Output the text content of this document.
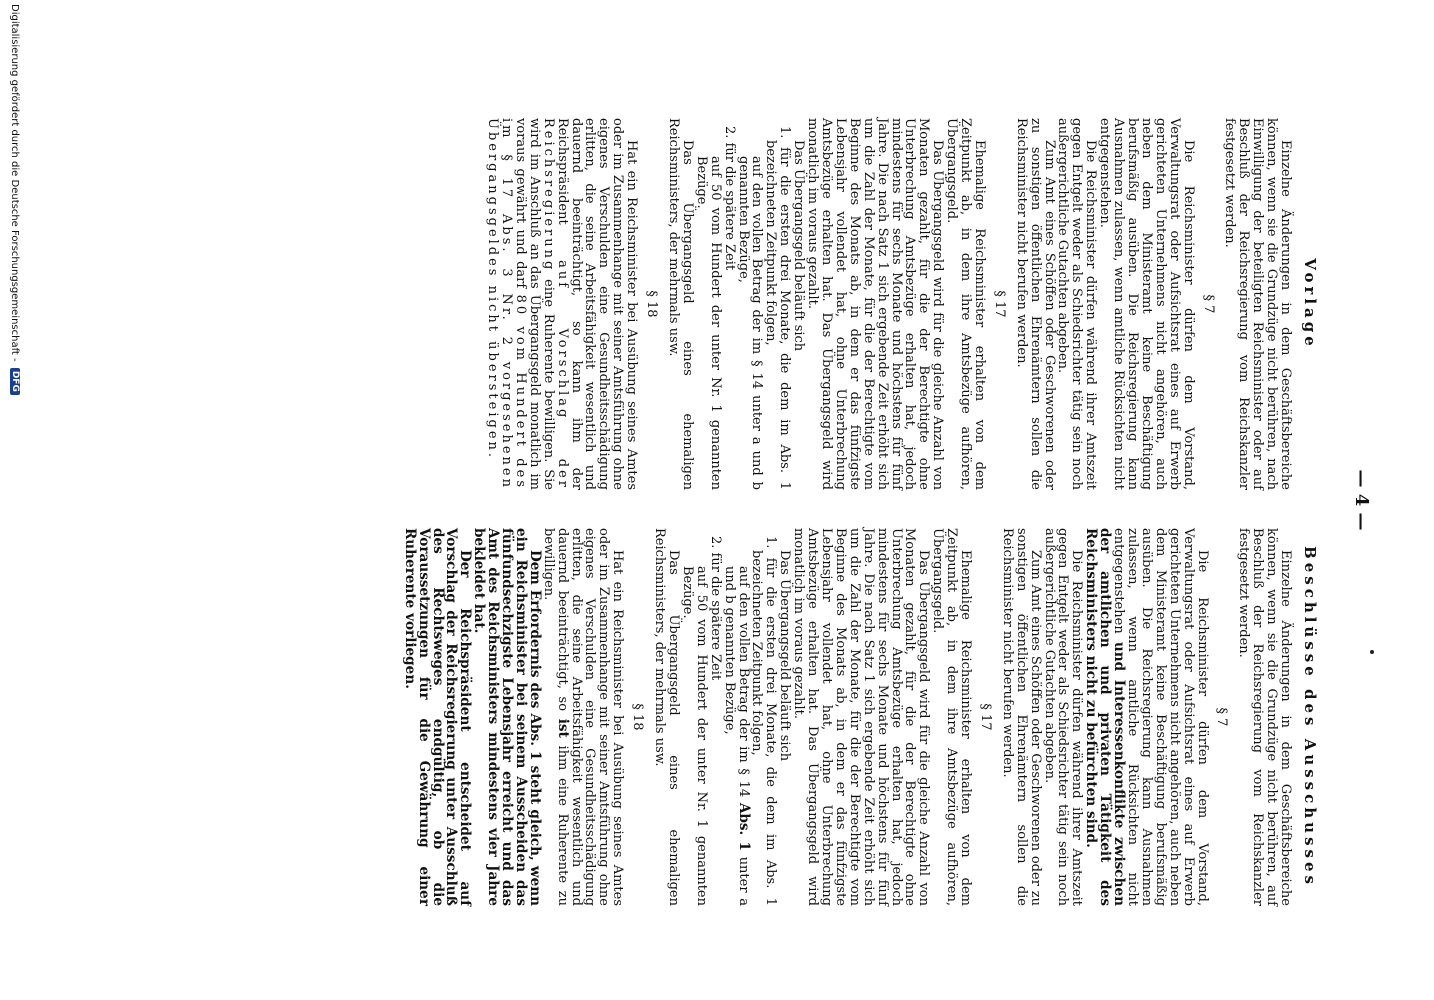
— 4 —
Vorlage

Einzelne Änderungen in dem Geschäftsbereiche können, wenn sie die Grundzüge nicht berühren, nach Einwilligung der beteiligten Reichsminister oder auf Beschluß der Reichsregierung vom Reichskanzler festgesetzt werden.

§ 7

Die Reichsminister dürfen dem Vorstand, Verwaltungsrat oder Aufsichtsrat eines auf Erwerb gerichteten Unternehmens nicht angehören, auch neben dem Ministeramt keine Beschäftigung berufsmäßig ausüben. Die Reichsregierung kann Ausnahmen zulassen, wenn amtliche Rücksichten nicht entgegenstehen.

Die Reichsminister dürfen während ihrer Amtszeit gegen Entgelt weder als Schiedsrichter tätig sein noch außergerichtliche Gutachten abgeben.

Zum Amt eines Schöffen oder Geschworenen oder zu sonstigen öffentlichen Ehrenämtern sollen die Reichsminister nicht berufen werden.

§ 17

Ehemalige Reichsminister erhalten von dem Zeitpunkt ab, in dem ihre Amtsbezüge aufhören, Übergangsgeld.

Das Übergangsgeld wird für die gleiche Anzahl von Monaten gezahlt, für die der Berechtigte ohne Unterbrechung Amtsbezüge erhalten hat, jedoch mindestens für sechs Monate und höchstens für fünf Jahre. Die nach Satz 1 sich ergebende Zeit erhöht sich um die Zahl der Monate, für die der Berechtigte vom Beginne des Monats ab, in dem er das fünfzigste Lebensjahr vollendet hat, ohne Unterbrechung Amtsbezüge erhalten hat. Das Übergangsgeld wird monatlich im voraus gezahlt.

Das Übergangsgeld beläuft sich

1. für die ersten drei Monate, die dem im Abs. 1 bezeichneten Zeitpunkt folgen,
auf den vollen Betrag der im § 14 unter a und b genannten Bezüge,
2. für die spätere Zeit
auf 50 vom Hundert der unter Nr. 1 genannten Bezüge.

Das Übergangsgeld eines ehemaligen Reichsministers, der mehrmals usw.

§ 18

Hat ein Reichsminister bei Ausübung seines Amtes oder im Zusammenhange mit seiner Amtsführung ohne eigenes Verschulden eine Gesundheitsschädigung erlitten, die seine Arbeitsfähigkeit wesentlich und dauernd beeinträchtigt, so kann ihm der Reichspräsident auf Vorschlag der Reichsregierung eine Ruherente bewilligen. Sie wird im Anschluß an das Übergangsgeld monatlich im voraus gewährt und darf 80 vom Hundert des im § 17 Abs. 3 Nr. 2 vorgesehenen Übergangsgeldes nicht übersteigen.

Beschlüsse des Ausschusses

Einzelne Änderungen in dem Geschäftsbereiche können, wenn sie die Grundzüge nicht berühren, auf Beschluß der Reichsregierung vom Reichskanzler festgesetzt werden.

§ 7

Die Reichsminister dürfen dem Vorstand, Verwaltungsrat oder Aufsichtsrat eines auf Erwerb gerichteten Unternehmens nicht angehören, auch neben dem Ministeramt keine Beschäftigung berufsmäßig ausüben. Die Reichsregierung kann Ausnahmen zulassen, wenn amtliche Rücksichten nicht entgegenstehen und Interessenkonflikte zwischen der amtlichen und privaten Tätigkeit des Reichsministers nicht zu befürchten sind.

Die Reichsminister dürfen während ihrer Amtszeit gegen Entgelt weder als Schiedsrichter tätig sein noch außergerichtliche Gutachten abgeben.

Zum Amt eines Schöffen oder Geschworenen oder zu sonstigen öffentlichen Ehrenämtern sollen die Reichsminister nicht berufen werden.

§ 17

Ehemalige Reichsminister erhalten von dem Zeitpunkt ab, in dem ihre Amtsbezüge aufhören, Übergangsgeld.

Das Übergangsgeld wird für die gleiche Anzahl von Monaten gezahlt, für die der Berechtigte ohne Unterbrechung Amtsbezüge erhalten hat, jedoch mindestens für sechs Monate und höchstens für fünf Jahre. Die nach Satz 1 sich ergebende Zeit erhöht sich um die Zahl der Monate, für die der Berechtigte vom Beginne des Monats ab, in dem er das fünfzigste Lebensjahr vollendet hat, ohne Unterbrechung Amtsbezüge erhalten hat. Das Übergangsgeld wird monatlich im voraus gezahlt.

Das Übergangsgeld beläuft sich

1. für die ersten drei Monate, die dem im Abs. 1 bezeichneten Zeitpunkt folgen,
auf den vollen Betrag der im § 14 Abs. 1 unter a und b genannten Bezüge,
2. für die spätere Zeit
auf 50 vom Hundert der unter Nr. 1 genannten Bezüge.

Das Übergangsgeld eines ehemaligen Reichsministers, der mehrmals usw.

§ 18

Hat ein Reichsminister bei Ausübung seines Amtes oder im Zusammenhange mit seiner Amtsführung ohne eigenes Verschulden eine Gesundheitsschädigung erlitten, die seine Arbeitsfähigkeit wesentlich und dauernd beeinträchtigt, so ist ihm eine Ruherente zu bewilligen.

Dem Erfordernis des Abs. 1 steht gleich, wenn ein Reichsminister bei seinem Ausscheiden das fünfundsechzigste Lebensjahr erreicht und das Amt des Reichsministers mindestens vier Jahre bekleidet hat.

Der Reichspräsident entscheidet auf Vorschlag der Reichsregierung unter Ausschluß des Rechtsweges endgültig, ob die Voraussetzungen für die Gewährung einer Ruherente vorliegen.

Digitalisierung gefördert durch die Deutsche Forschungsgemeinschaft - DFG
